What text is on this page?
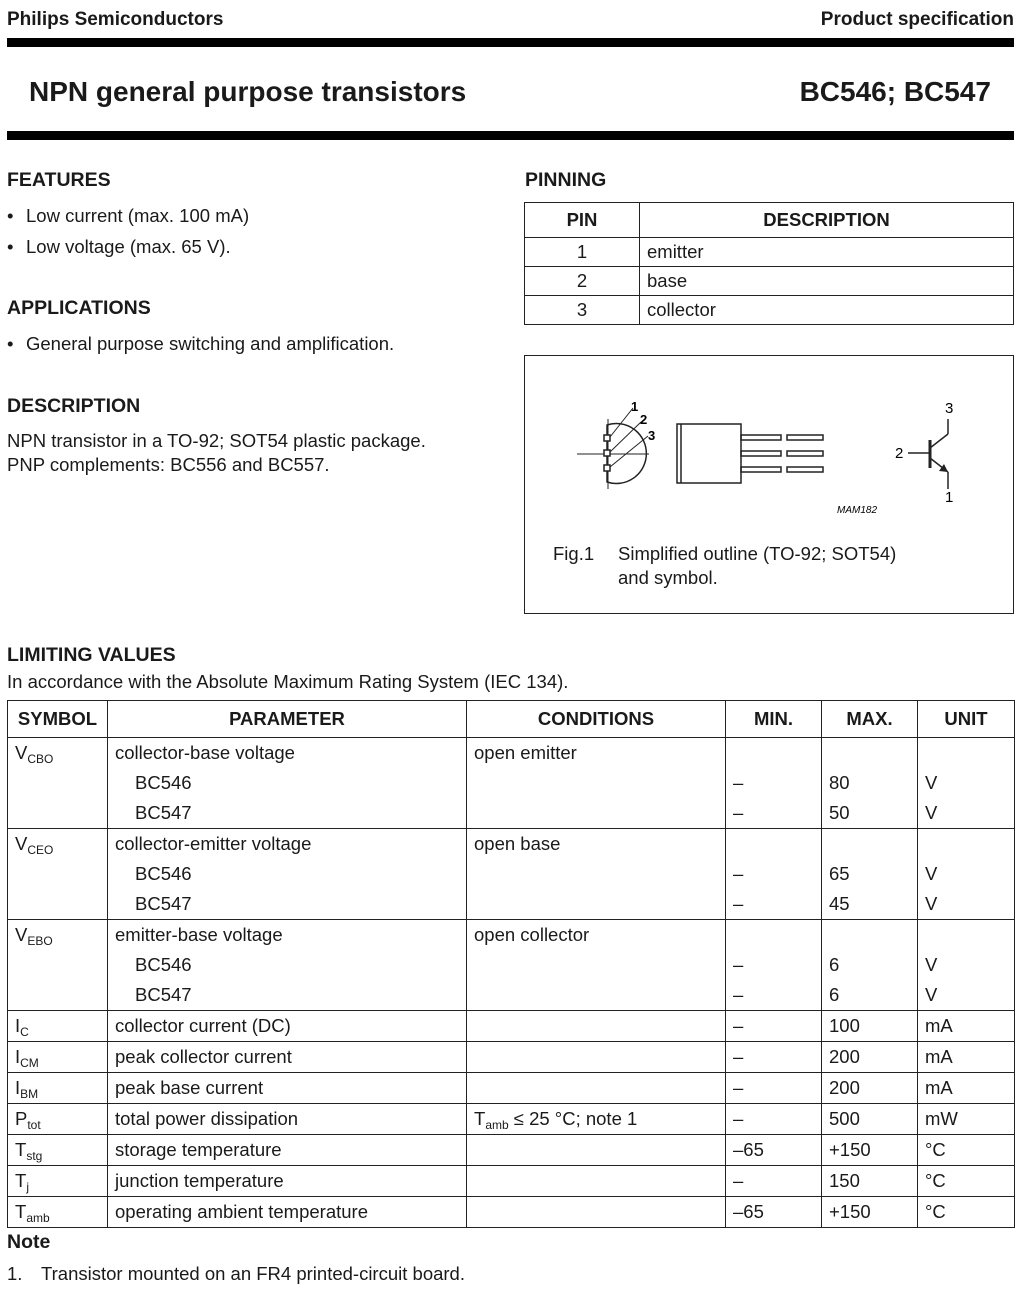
Philips Semiconductors	Product specification
NPN general purpose transistors	BC546; BC547
FEATURES
• Low current (max. 100 mA)
• Low voltage (max. 65 V).
APPLICATIONS
• General purpose switching and amplification.
DESCRIPTION
NPN transistor in a TO-92; SOT54 plastic package.
PNP complements: BC556 and BC557.
PINNING
PIN	DESCRIPTION
1	emitter
2	base
3	collector
1
2
3
MAM182
3
2
1
Fig.1 Simplified outline (TO-92; SOT54)
and symbol.
LIMITING VALUES
In accordance with the Absolute Maximum Rating System (IEC 134).
SYMBOL	PARAMETER	CONDITIONS	MIN.	MAX.	UNIT
$V_{CBO}$	collector-base voltage	open emitter			
	BC546		–	80	V
	BC547		–	50	V
$V_{CEO}$	collector-emitter voltage	open base			
	BC546		–	65	V
	BC547		–	45	V
$V_{EBO}$	emitter-base voltage	open collector			
	BC546		–	6	V
	BC547		–	6	V
$I_C$	collector current (DC)		–	100	mA
$I_{CM}$	peak collector current		–	200	mA
$I_{BM}$	peak base current		–	200	mA
$P_{tot}$	total power dissipation	$T_{amb} \le 25$ °C; note 1	–	500	mW
$T_{stg}$	storage temperature		–65	+150	°C
$T_j$	junction temperature		–	150	°C
$T_{amb}$	operating ambient temperature		–65	+150	°C
Note
1. Transistor mounted on an FR4 printed-circuit board.
